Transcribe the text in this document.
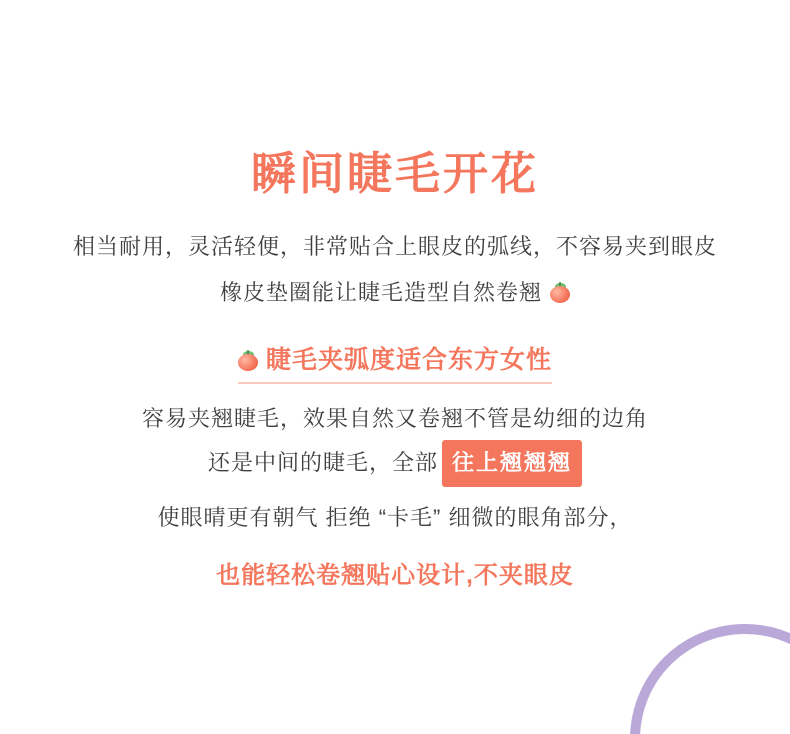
瞬间睫毛开花

相当耐用，灵活轻便，非常贴合上眼皮的弧线，不容易夹到眼皮

橡皮垫圈能让睫毛造型自然卷翘

睫毛夹弧度适合东方女性

容易夹翘睫毛，效果自然又卷翘不管是幼细的边角

还是中间的睫毛，全部 往上翘翘翘

使眼晴更有朝气 拒绝 “卡毛” 细微的眼角部分，

也能轻松卷翘贴心设计,不夹眼皮
